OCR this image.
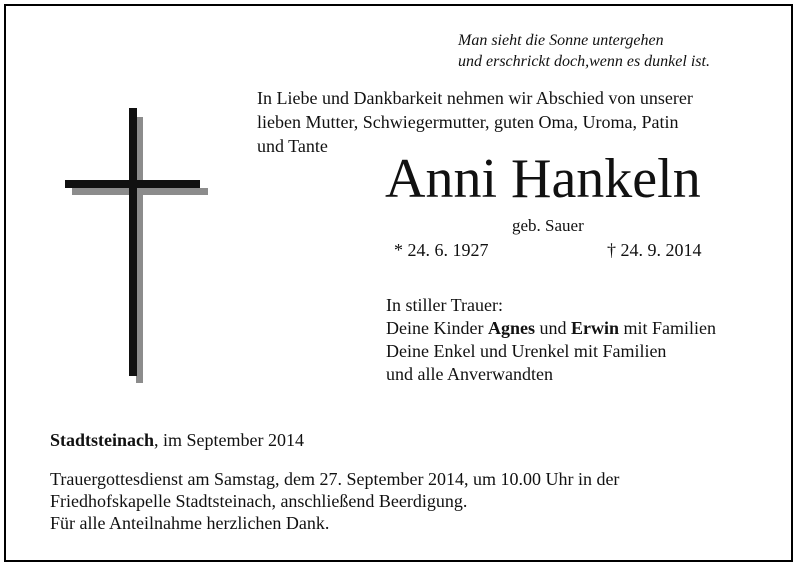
Man sieht die Sonne untergehen
und erschrickt doch,wenn es dunkel ist.
In Liebe und Dankbarkeit nehmen wir Abschied von unserer
lieben Mutter, Schwiegermutter, guten Oma, Uroma, Patin
und Tante
Anni Hankeln
geb. Sauer
* 24. 6. 1927	† 24. 9. 2014
In stiller Trauer:
Deine Kinder Agnes und Erwin mit Familien
Deine Enkel und Urenkel mit Familien
und alle Anverwandten
Stadtsteinach, im September 2014
Trauergottesdienst am Samstag, dem 27. September 2014, um 10.00 Uhr in der
Friedhofskapelle Stadtsteinach, anschließend Beerdigung.
Für alle Anteilnahme herzlichen Dank.
